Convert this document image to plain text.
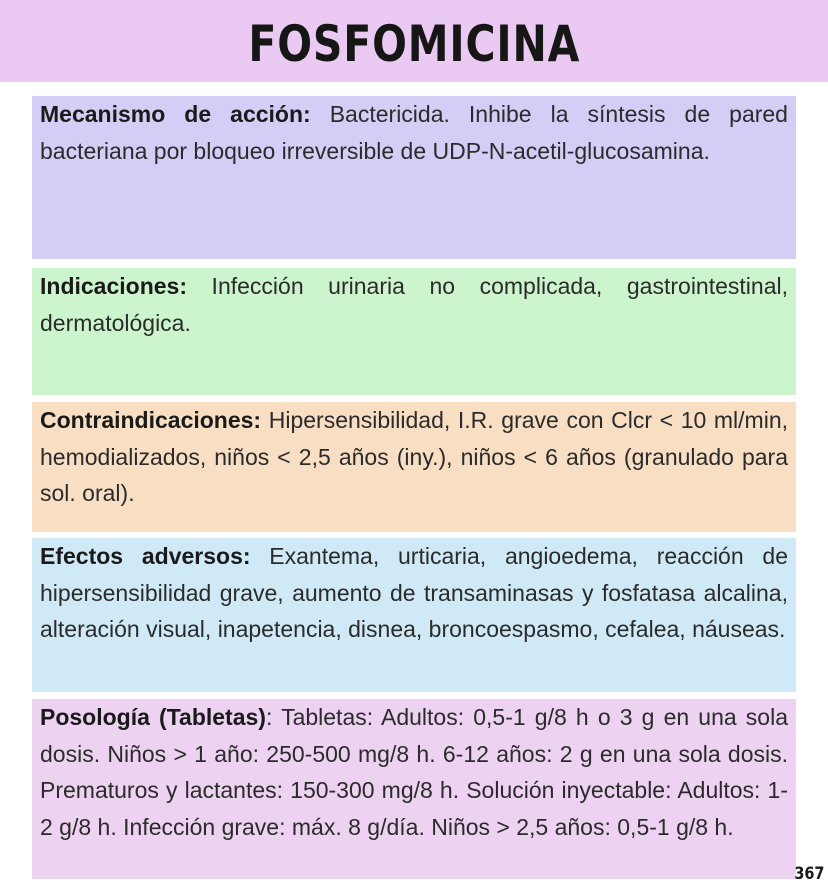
FOSFOMICINA
Mecanismo de acción: Bactericida. Inhibe la síntesis de pared bacteriana por bloqueo irreversible de UDP-N-acetil-glucosamina.
Indicaciones: Infección urinaria no complicada, gastrointestinal, dermatológica.
Contraindicaciones: Hipersensibilidad, I.R. grave con Clcr < 10 ml/min, hemodializados, niños < 2,5 años (iny.), niños < 6 años (granulado para sol. oral).
Efectos adversos: Exantema, urticaria, angioedema, reacción de hipersensibilidad grave, aumento de transaminasas y fosfatasa alcalina, alteración visual, inapetencia, disnea, broncoespasmo, cefalea, náuseas.
Posología (Tabletas): Tabletas: Adultos: 0,5-1 g/8 h o 3 g en una sola dosis. Niños > 1 año: 250-500 mg/8 h. 6-12 años: 2 g en una sola dosis. Prematuros y lactantes: 150-300 mg/8 h. Solución inyectable: Adultos: 1-2 g/8 h. Infección grave: máx. 8 g/día. Niños > 2,5 años: 0,5-1 g/8 h.
367
